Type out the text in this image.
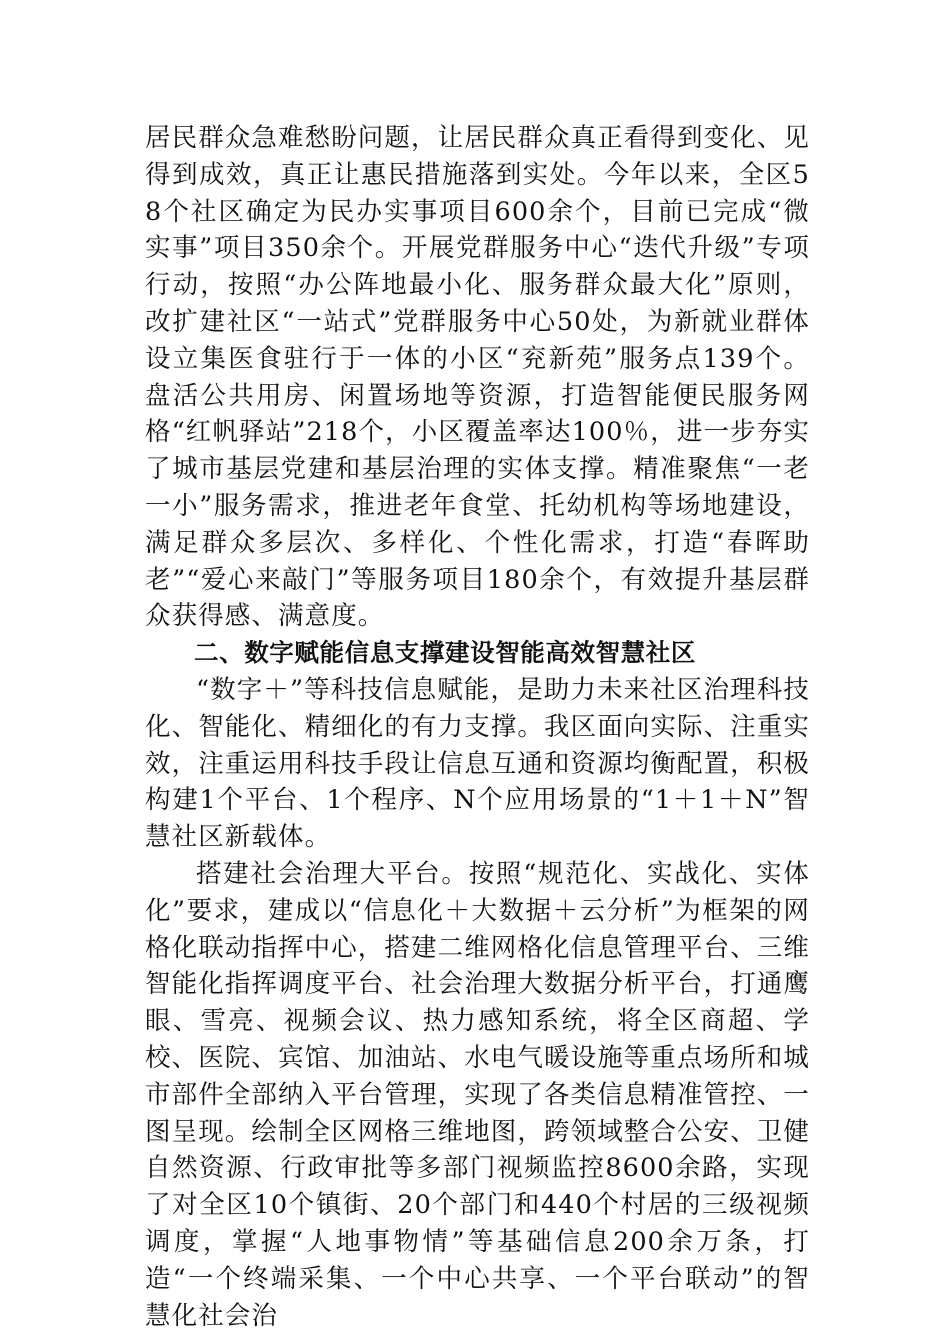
居民群众急难愁盼问题，让居民群众真正看得到变化、见得到成效，真正让惠民措施落到实处。今年以来，全区58个社区确定为民办实事项目600余个，目前已完成“微实事”项目350余个。开展党群服务中心“迭代升级”专项行动，按照“办公阵地最小化、服务群众最大化”原则，改扩建社区“一站式”党群服务中心50处，为新就业群体设立集医食驻行于一体的小区“兖新苑”服务点139个。盘活公共用房、闲置场地等资源，打造智能便民服务网格“红帆驿站”218个，小区覆盖率达100％，进一步夯实了城市基层党建和基层治理的实体支撑。精准聚焦“一老一小”服务需求，推进老年食堂、托幼机构等场地建设，满足群众多层次、多样化、个性化需求，打造“春晖助老”“爱心来敲门”等服务项目180余个，有效提升基层群众获得感、满意度。

二、数字赋能信息支撑建设智能高效智慧社区

“数字＋”等科技信息赋能，是助力未来社区治理科技化、智能化、精细化的有力支撑。我区面向实际、注重实效，注重运用科技手段让信息互通和资源均衡配置，积极构建1个平台、1个程序、N个应用场景的“1＋1＋N”智慧社区新载体。

搭建社会治理大平台。按照“规范化、实战化、实体化”要求，建成以“信息化＋大数据＋云分析”为框架的网格化联动指挥中心，搭建二维网格化信息管理平台、三维智能化指挥调度平台、社会治理大数据分析平台，打通鹰眼、雪亮、视频会议、热力感知系统，将全区商超、学校、医院、宾馆、加油站、水电气暖设施等重点场所和城市部件全部纳入平台管理，实现了各类信息精准管控、一图呈现。绘制全区网格三维地图，跨领域整合公安、卫健自然资源、行政审批等多部门视频监控8600余路，实现了对全区10个镇街、20个部门和440个村居的三级视频调度，掌握“人地事物情”等基础信息200余万条，打造“一个终端采集、一个中心共享、一个平台联动”的智慧化社会治
